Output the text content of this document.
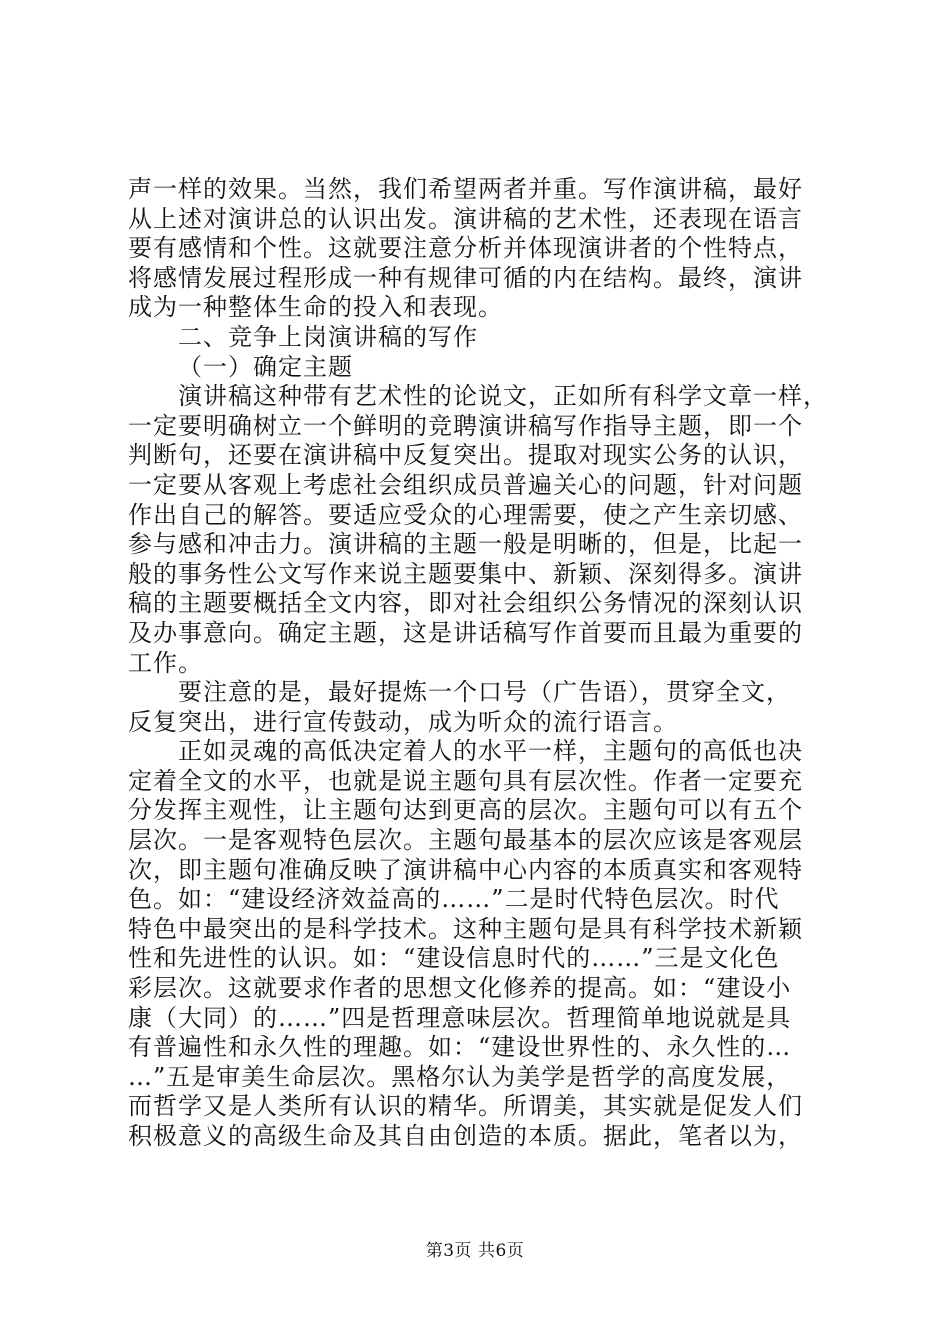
声一样的效果。当然，我们希望两者并重。写作演讲稿，最好
从上述对演讲总的认识出发。演讲稿的艺术性，还表现在语言
要有感情和个性。这就要注意分析并体现演讲者的个性特点，
将感情发展过程形成一种有规律可循的内在结构。最终，演讲
成为一种整体生命的投入和表现。
二、竞争上岗演讲稿的写作
（一）确定主题
演讲稿这种带有艺术性的论说文，正如所有科学文章一样，
一定要明确树立一个鲜明的竞聘演讲稿写作指导主题，即一个
判断句，还要在演讲稿中反复突出。提取对现实公务的认识，
一定要从客观上考虑社会组织成员普遍关心的问题，针对问题
作出自己的解答。要适应受众的心理需要，使之产生亲切感、
参与感和冲击力。演讲稿的主题一般是明晰的，但是，比起一
般的事务性公文写作来说主题要集中、新颖、深刻得多。演讲
稿的主题要概括全文内容，即对社会组织公务情况的深刻认识
及办事意向。确定主题，这是讲话稿写作首要而且最为重要的
工作。
要注意的是，最好提炼一个口号（广告语），贯穿全文，
反复突出，进行宣传鼓动，成为听众的流行语言。
正如灵魂的高低决定着人的水平一样，主题句的高低也决
定着全文的水平，也就是说主题句具有层次性。作者一定要充
分发挥主观性，让主题句达到更高的层次。主题句可以有五个
层次。一是客观特色层次。主题句最基本的层次应该是客观层
次，即主题句准确反映了演讲稿中心内容的本质真实和客观特
色。如：“建设经济效益高的……”二是时代特色层次。时代
特色中最突出的是科学技术。这种主题句是具有科学技术新颖
性和先进性的认识。如：“建设信息时代的……”三是文化色
彩层次。这就要求作者的思想文化修养的提高。如：“建设小
康（大同）的……”四是哲理意味层次。哲理简单地说就是具
有普遍性和永久性的理趣。如：“建设世界性的、永久性的…
…”五是审美生命层次。黑格尔认为美学是哲学的高度发展，
而哲学又是人类所有认识的精华。所谓美，其实就是促发人们
积极意义的高级生命及其自由创造的本质。据此，笔者以为，
第3页 共6页
